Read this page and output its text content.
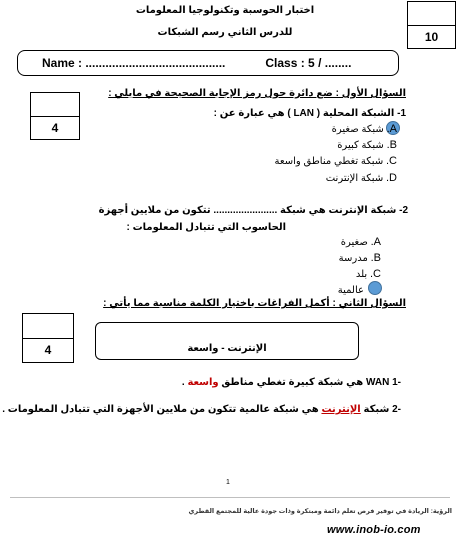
اختبار الحوسبة وتكنولوجيا المعلومات
للدرس الثاني رسم الشبكات	10
Name : ..........................................	Class : 5 / ........
4
السؤال الأول : ضع دائرة حول رمز الإجابة الصحيحة في مايلي :
1- الشبكة المحلية ( LAN ) هي عبارة عن :
A. شبكة صغيرة
B. شبكة كبيرة
C. شبكة تغطي مناطق واسعة
D. شبكة الإنترنت
2- شبكة الإنترنت هي شبكة ....................... تتكون من ملايين أجهزة
الحاسوب التي تتبادل المعلومات :
A. صغيرة
B. مدرسة
C. بلد
عالمية
السؤال الثاني : أكمل الفراغات باختيار الكلمة مناسبة مما يأتي :
4	الإنترنت - واسعة
-1 WAN هي شبكة كبيرة تغطي مناطق واسعة .
-2 شبكة الإنترنت هي شبكة عالمية تتكون من ملايين الأجهزة التي تتبادل المعلومات .
1
الرؤية: الريادة في توفير فرص تعلم دائمة ومبتكرة وذات جودة عالية للمجتمع القطري
www.inob-io.com
